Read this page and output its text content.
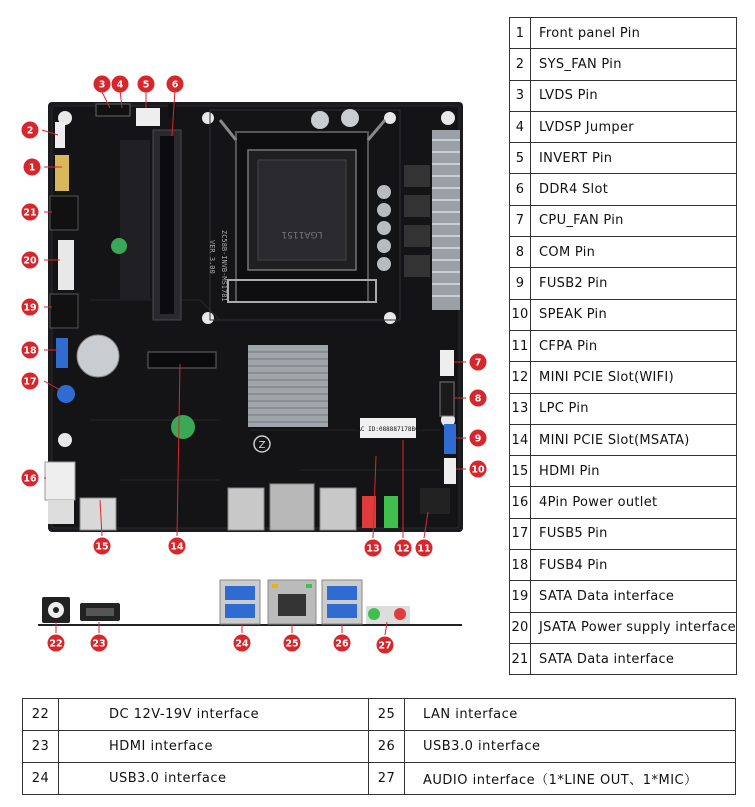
LGA1151
Z
VER 3.00 ZC58B-INVB-MS1781
MAC ID:088887178B09
1
2
3 4 5 6
7
8
9
10
11
12
13
14
15
16
17
18
19
20
21
22	23	24	25	26	27
1	Front panel Pin
2	SYS_FAN Pin
3	LVDS Pin
4	LVDSP Jumper
5	INVERT Pin
6	DDR4 Slot
7	CPU_FAN Pin
8	COM Pin
9	FUSB2 Pin
10	SPEAK Pin
11	CFPA Pin
12	MINI PCIE Slot(WIFI)
13	LPC Pin
14	MINI PCIE Slot(MSATA)
15	HDMI Pin
16	4Pin Power outlet
17	FUSB5 Pin
18	FUSB4 Pin
19	SATA Data interface
20	JSATA Power supply interface
21	SATA Data interface
22	DC 12V-19V interface	25	LAN interface
23	HDMI interface	26	USB3.0 interface
24	USB3.0 interface	27	AUDIO interface（1*LINE OUT、1*MIC）
